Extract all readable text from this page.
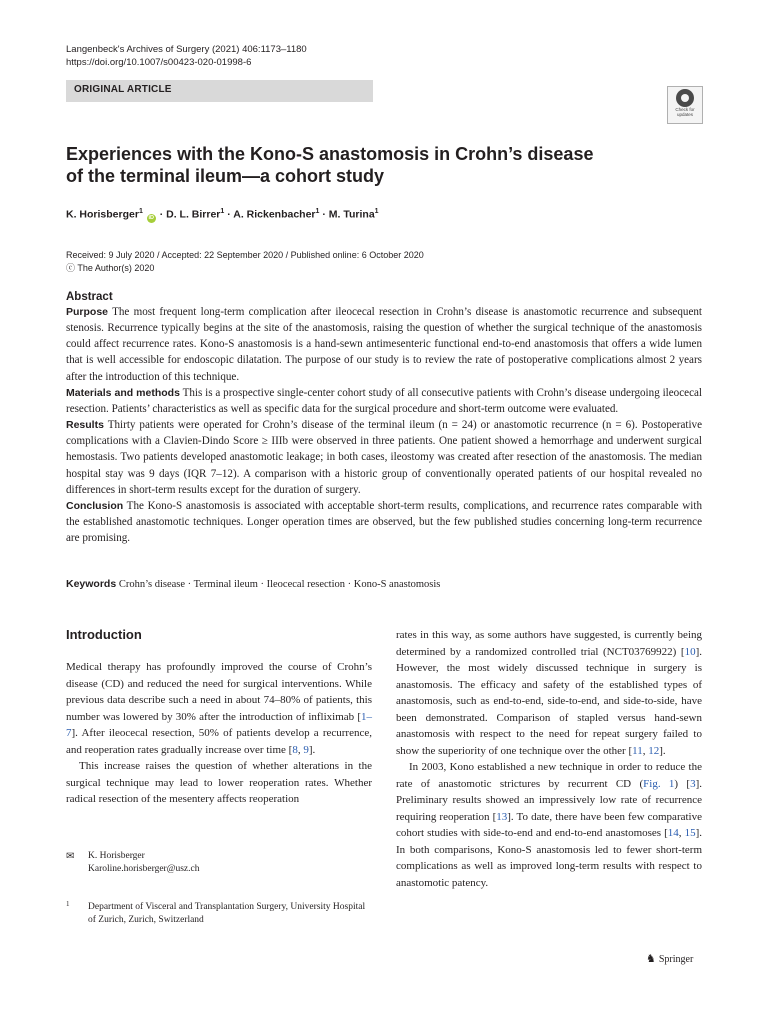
Langenbeck's Archives of Surgery (2021) 406:1173–1180
https://doi.org/10.1007/s00423-020-01998-6
ORIGINAL ARTICLE
Check for updates
Experiences with the Kono-S anastomosis in Crohn’s disease
of the terminal ileum—a cohort study
K. Horisberger$^1$ iD · D. L. Birrer$^1$ · A. Rickenbacher$^1$ · M. Turina$^1$
Received: 9 July 2020 / Accepted: 22 September 2020 / Published online: 6 October 2020
ⓒ The Author(s) 2020
Abstract

Purpose The most frequent long-term complication after ileocecal resection in Crohn’s disease is anastomotic recurrence and subsequent stenosis. Recurrence typically begins at the site of the anastomosis, raising the question of whether the surgical technique of the anastomosis could affect recurrence rates. Kono-S anastomosis is a hand-sewn antimesenteric functional end-to-end anastomosis that offers a wide lumen that is well accessible for endoscopic dilatation. The purpose of our study is to review the rate of postoperative complications almost 2 years after the introduction of this technique.

Materials and methods This is a prospective single-center cohort study of all consecutive patients with Crohn’s disease undergoing ileocecal resection. Patients’ characteristics as well as specific data for the surgical procedure and short-term outcome were evaluated.

Results Thirty patients were operated for Crohn’s disease of the terminal ileum (n = 24) or anastomotic recurrence (n = 6). Postoperative complications with a Clavien-Dindo Score ≥ IIIb were observed in three patients. One patient showed a hemorrhage and underwent surgical hemostasis. Two patients developed anastomotic leakage; in both cases, ileostomy was created after resection of the anastomosis. The median hospital stay was 9 days (IQR 7–12). A comparison with a historic group of conventionally operated patients of our hospital revealed no differences in short-term results except for the duration of surgery.

Conclusion The Kono-S anastomosis is associated with acceptable short-term results, complications, and recurrence rates comparable with the established anastomotic techniques. Longer operation times are observed, but the few published studies concerning long-term recurrence are promising.

Keywords Crohn’s disease · Terminal ileum · Ileocecal resection · Kono-S anastomosis
Introduction

Medical therapy has profoundly improved the course of Crohn’s disease (CD) and reduced the need for surgical interventions. While previous data describe such a need in about 74–80% of patients, this number was lowered by 30% after the introduction of infliximab [1–7]. After ileocecal resection, 50% of patients develop a recurrence, and reoperation rates gradually increase over time [8, 9].

This increase raises the question of whether alterations in the surgical technique may lead to lower reoperation rates. Whether radical resection of the mesentery affects reoperation

rates in this way, as some authors have suggested, is currently being determined by a randomized controlled trial (NCT03769922) [10]. However, the most widely discussed technique in surgery is anastomosis. The efficacy and safety of the established types of anastomosis, such as end-to-end, side-to-end, and side-to-side, have been demonstrated. Comparison of stapled versus hand-sewn anastomosis with respect to the need for repeat surgery failed to show the superiority of one technique over the other [11, 12].

In 2003, Kono established a new technique in order to reduce the rate of anastomotic strictures by recurrent CD (Fig. 1) [3]. Preliminary results showed an impressively low rate of recurrence requiring reoperation [13]. To date, there have been few comparative cohort studies with side-to-end and end-to-end anastomoses [14, 15]. In both comparisons, Kono-S anastomosis led to fewer short-term complications as well as improved long-term results with respect to anastomotic patency.

✉ K. Horisberger
Karoline.horisberger@usz.ch
1 Department of Visceral and Transplantation Surgery, University Hospital of Zurich, Zurich, Switzerland
♞ Springer
